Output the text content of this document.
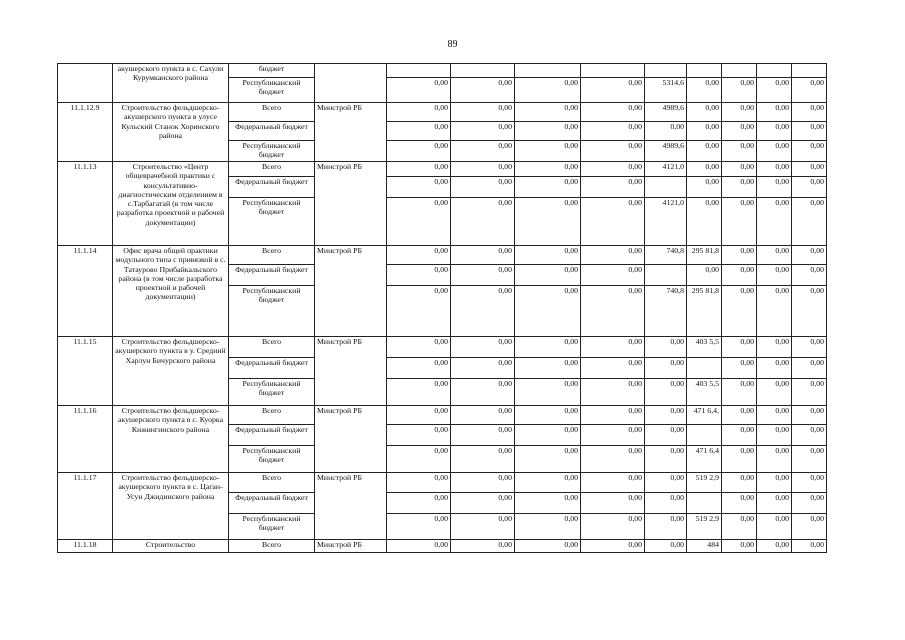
89
	акушерского пункта в с. Сахули Курумканского района	бюджет										
		Республиканский бюджет		0,00	0,00	0,00	0,00	5314,6	0,00	0,00	0,00	0,00
11.1.12.9	Строительство фельдшерско-акушерского пункта в улусе Кульский Станок Хоринского района	Всего	Минстрой РБ	0,00	0,00	0,00	0,00	4989,6	0,00	0,00	0,00	0,00
		Федеральный бюджет		0,00	0,00	0,00	0,00	0,00	0,00	0,00	0,00	0,00
		Республиканский бюджет		0,00	0,00	0,00	0,00	4989,6	0,00	0,00	0,00	0,00
11.1.13	Строительство «Центр общеврачебной практики с консультативно-диагностическим отделением в с.Тарбагатай (в том числе разработка проектной и рабочей документации)	Всего	Минстрой РБ	0,00	0,00	0,00	0,00	4121,0	0,00	0,00	0,00	0,00
		Федеральный бюджет		0,00	0,00	0,00	0,00		0,00	0,00	0,00	0,00
		Республиканский бюджет		0,00	0,00	0,00	0,00	4121,0	0,00	0,00	0,00	0,00
11.1.14	Офис врача общей практики модульного типа с привязкой в с. Татаурово Прибайкальского района (в том числе разработка проектной и рабочей документации)	Всего	Минстрой РБ	0,00	0,00	0,00	0,00	740,8	295 81,8	0,00	0,00	0,00
		Федеральный бюджет		0,00	0,00	0,00	0,00		0,00	0,00	0,00	0,00
		Республиканский бюджет		0,00	0,00	0,00	0,00	740,8	295 81,8	0,00	0,00	0,00
11.1.15	Строительство фельдшерско-акушерского пункта в у. Средний Харлун Бичурского района	Всего	Минстрой РБ	0,00	0,00	0,00	0,00	0,00	403 5,5	0,00	0,00	0,00
		Федеральный бюджет		0,00	0,00	0,00	0,00	0,00		0,00	0,00	0,00
		Республиканский бюджет		0,00	0,00	0,00	0,00	0,00	403 5,5	0,00	0,00	0,00
11.1.16	Строительство фельдшерско-акушерского пункта в с. Куорка Кижингинского района	Всего	Минстрой РБ	0,00	0,00	0,00	0,00	0,00	471 6,4,	0,00	0,00	0,00
		Федеральный бюджет		0,00	0,00	0,00	0,00	0,00		0,00	0,00	0,00
		Республиканский бюджет		0,00	0,00	0,00	0,00	0,00	471 6,4	0,00	0,00	0,00
11.1.17	Строительство фельдшерско-акушерского пункта в с. Цаган-Усун Джидинского района	Всего	Минстрой РБ	0,00	0,00	0,00	0,00	0,00	519 2,9	0,00	0,00	0,00
		Федеральный бюджет		0,00	0,00	0,00	0,00	0,00		0,00	0,00	0,00
		Республиканский бюджет		0,00	0,00	0,00	0,00	0,00	519 2,9	0,00	0,00	0,00
11.1.18	Строительство	Всего	Минстрой РБ	0,00	0,00	0,00	0,00	0,00	484	0,00	0,00	0,00
